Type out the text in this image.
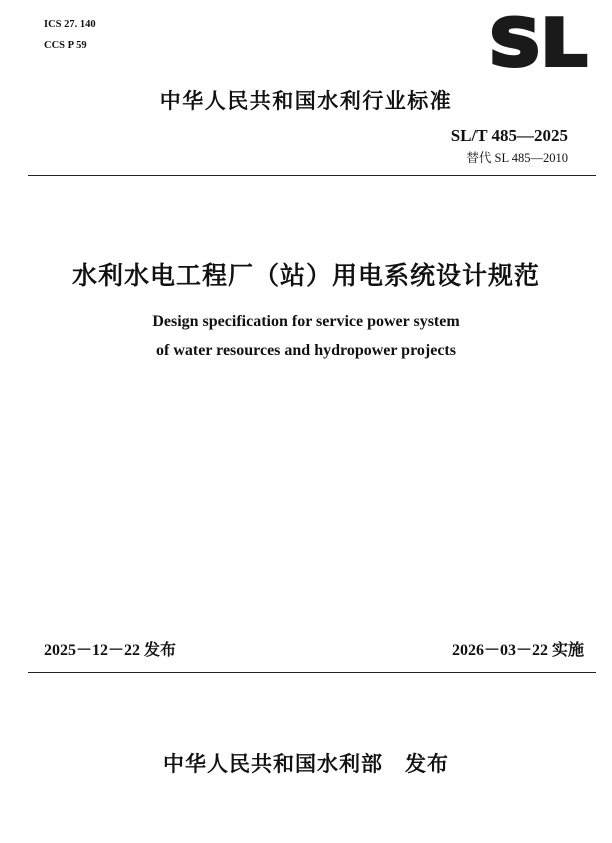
ICS 27. 140
CCS P 59	SL
中华人民共和国水利行业标准
SL/T 485—2025
替代 SL 485—2010
水利水电工程厂（站）用电系统设计规范
Design specification for service power system
of water resources and hydropower projects
2025－12－22 发布	2026－03－22 实施
中华人民共和国水利部　发布
